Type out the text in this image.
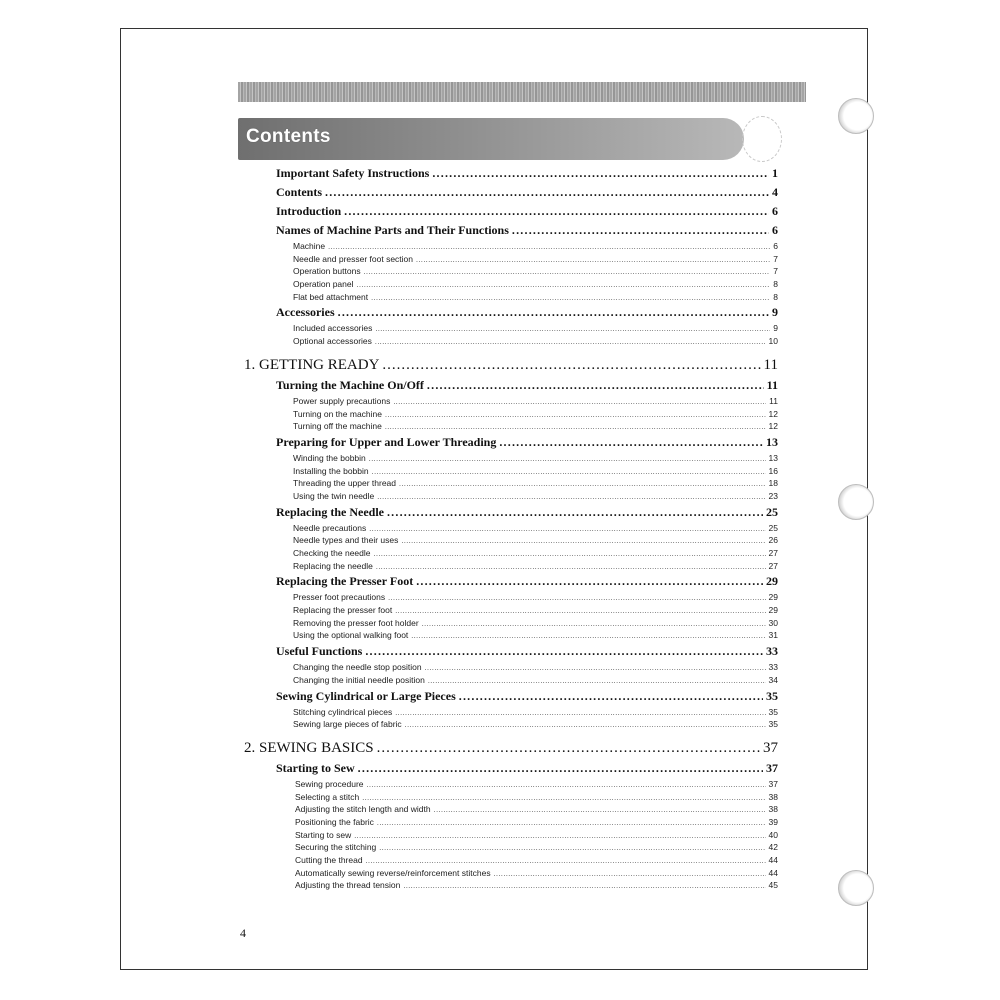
Contents
Important Safety Instructions .....	1
Contents .....	4
Introduction .....	6
Names of Machine Parts and Their Functions .....	6
Machine .....	6
Needle and presser foot section .....	7
Operation buttons .....	7
Operation panel .....	8
Flat bed attachment .....	8
Accessories .....	9
Included accessories .....	9
Optional accessories .....	10
1. GETTING READY .....	11
Turning the Machine On/Off .....	11
Power supply precautions .....	11
Turning on the machine .....	12
Turning off the machine .....	12
Preparing for Upper and Lower Threading .....	13
Winding the bobbin .....	13
Installing the bobbin .....	16
Threading the upper thread .....	18
Using the twin needle .....	23
Replacing the Needle .....	25
Needle precautions .....	25
Needle types and their uses .....	26
Checking the needle .....	27
Replacing the needle .....	27
Replacing the Presser Foot .....	29
Presser foot precautions .....	29
Replacing the presser foot .....	29
Removing the presser foot holder .....	30
Using the optional walking foot .....	31
Useful Functions .....	33
Changing the needle stop position .....	33
Changing the initial needle position .....	34
Sewing Cylindrical or Large Pieces .....	35
Stitching cylindrical pieces .....	35
Sewing large pieces of fabric .....	35
2. SEWING BASICS .....	37
Starting to Sew .....	37
Sewing procedure .....	37
Selecting a stitch .....	38
Adjusting the stitch length and width .....	38
Positioning the fabric .....	39
Starting to sew .....	40
Securing the stitching .....	42
Cutting the thread .....	44
Automatically sewing reverse/reinforcement stitches .....	44
Adjusting the thread tension .....	45
4
